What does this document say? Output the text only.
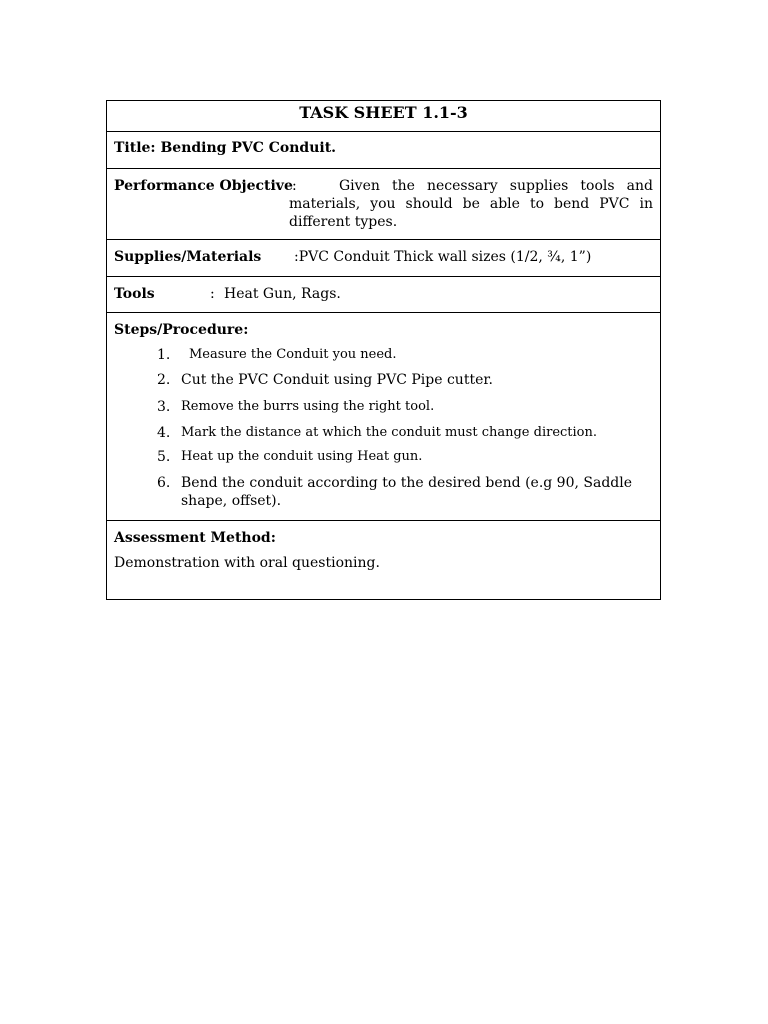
TASK SHEET 1.1-3
Title: Bending PVC Conduit.
Performance Objective :	Given the necessary supplies tools and materials, you should be able to bend PVC in different types.
Supplies/Materials :PVC Conduit Thick wall sizes (1/2, ¾, 1”)
Tools	: Heat Gun, Rags.
Steps/Procedure:
1.	Measure the Conduit you need.
2. Cut the PVC Conduit using PVC Pipe cutter.
3. Remove the burrs using the right tool.
4. Mark the distance at which the conduit must change direction.
5. Heat up the conduit using Heat gun.
6. Bend the conduit according to the desired bend (e.g 90, Saddle shape, offset).
Assessment Method:
Demonstration with oral questioning.
